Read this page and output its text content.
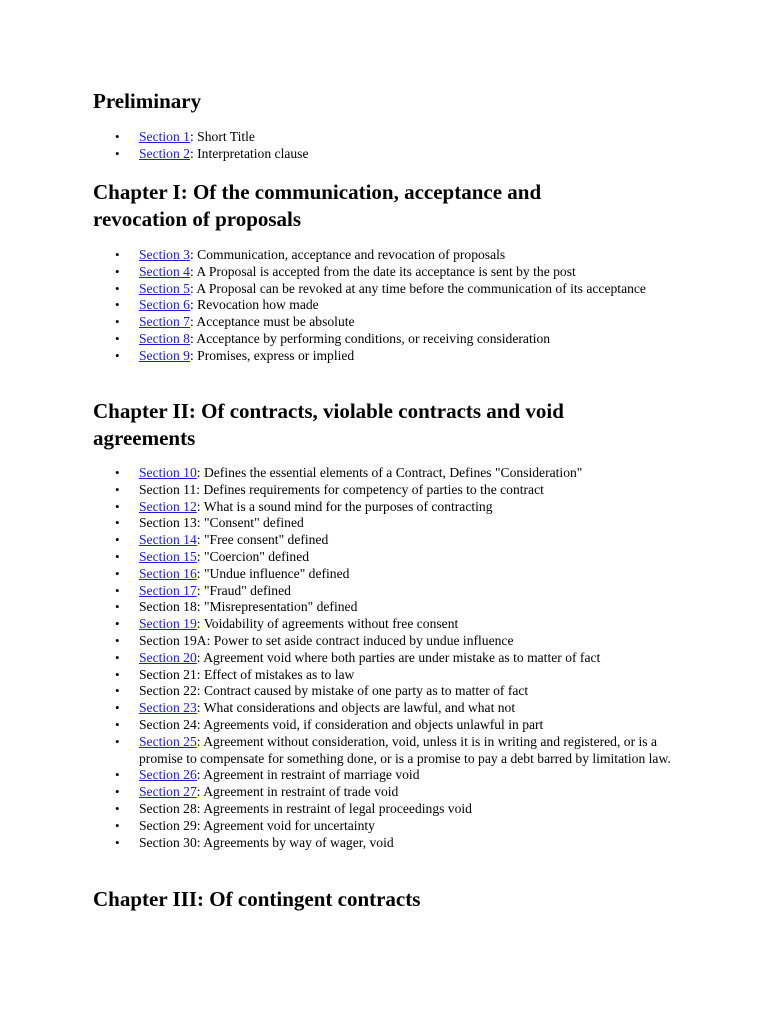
Preliminary
• Section 1: Short Title
• Section 2: Interpretation clause
Chapter I: Of the communication, acceptance and revocation of proposals
• Section 3: Communication, acceptance and revocation of proposals
• Section 4: A Proposal is accepted from the date its acceptance is sent by the post
• Section 5: A Proposal can be revoked at any time before the communication of its acceptance
• Section 6: Revocation how made
• Section 7: Acceptance must be absolute
• Section 8: Acceptance by performing conditions, or receiving consideration
• Section 9: Promises, express or implied
Chapter II: Of contracts, violable contracts and void agreements
• Section 10: Defines the essential elements of a Contract, Defines "Consideration"
• Section 11: Defines requirements for competency of parties to the contract
• Section 12: What is a sound mind for the purposes of contracting
• Section 13: "Consent" defined
• Section 14: "Free consent" defined
• Section 15: "Coercion" defined
• Section 16: "Undue influence" defined
• Section 17: "Fraud" defined
• Section 18: "Misrepresentation" defined
• Section 19: Voidability of agreements without free consent
• Section 19A: Power to set aside contract induced by undue influence
• Section 20: Agreement void where both parties are under mistake as to matter of fact
• Section 21: Effect of mistakes as to law
• Section 22: Contract caused by mistake of one party as to matter of fact
• Section 23: What considerations and objects are lawful, and what not
• Section 24: Agreements void, if consideration and objects unlawful in part
• Section 25: Agreement without consideration, void, unless it is in writing and registered, or is a promise to compensate for something done, or is a promise to pay a debt barred by limitation law.
• Section 26: Agreement in restraint of marriage void
• Section 27: Agreement in restraint of trade void
• Section 28: Agreements in restraint of legal proceedings void
• Section 29: Agreement void for uncertainty
• Section 30: Agreements by way of wager, void
Chapter III: Of contingent contracts
